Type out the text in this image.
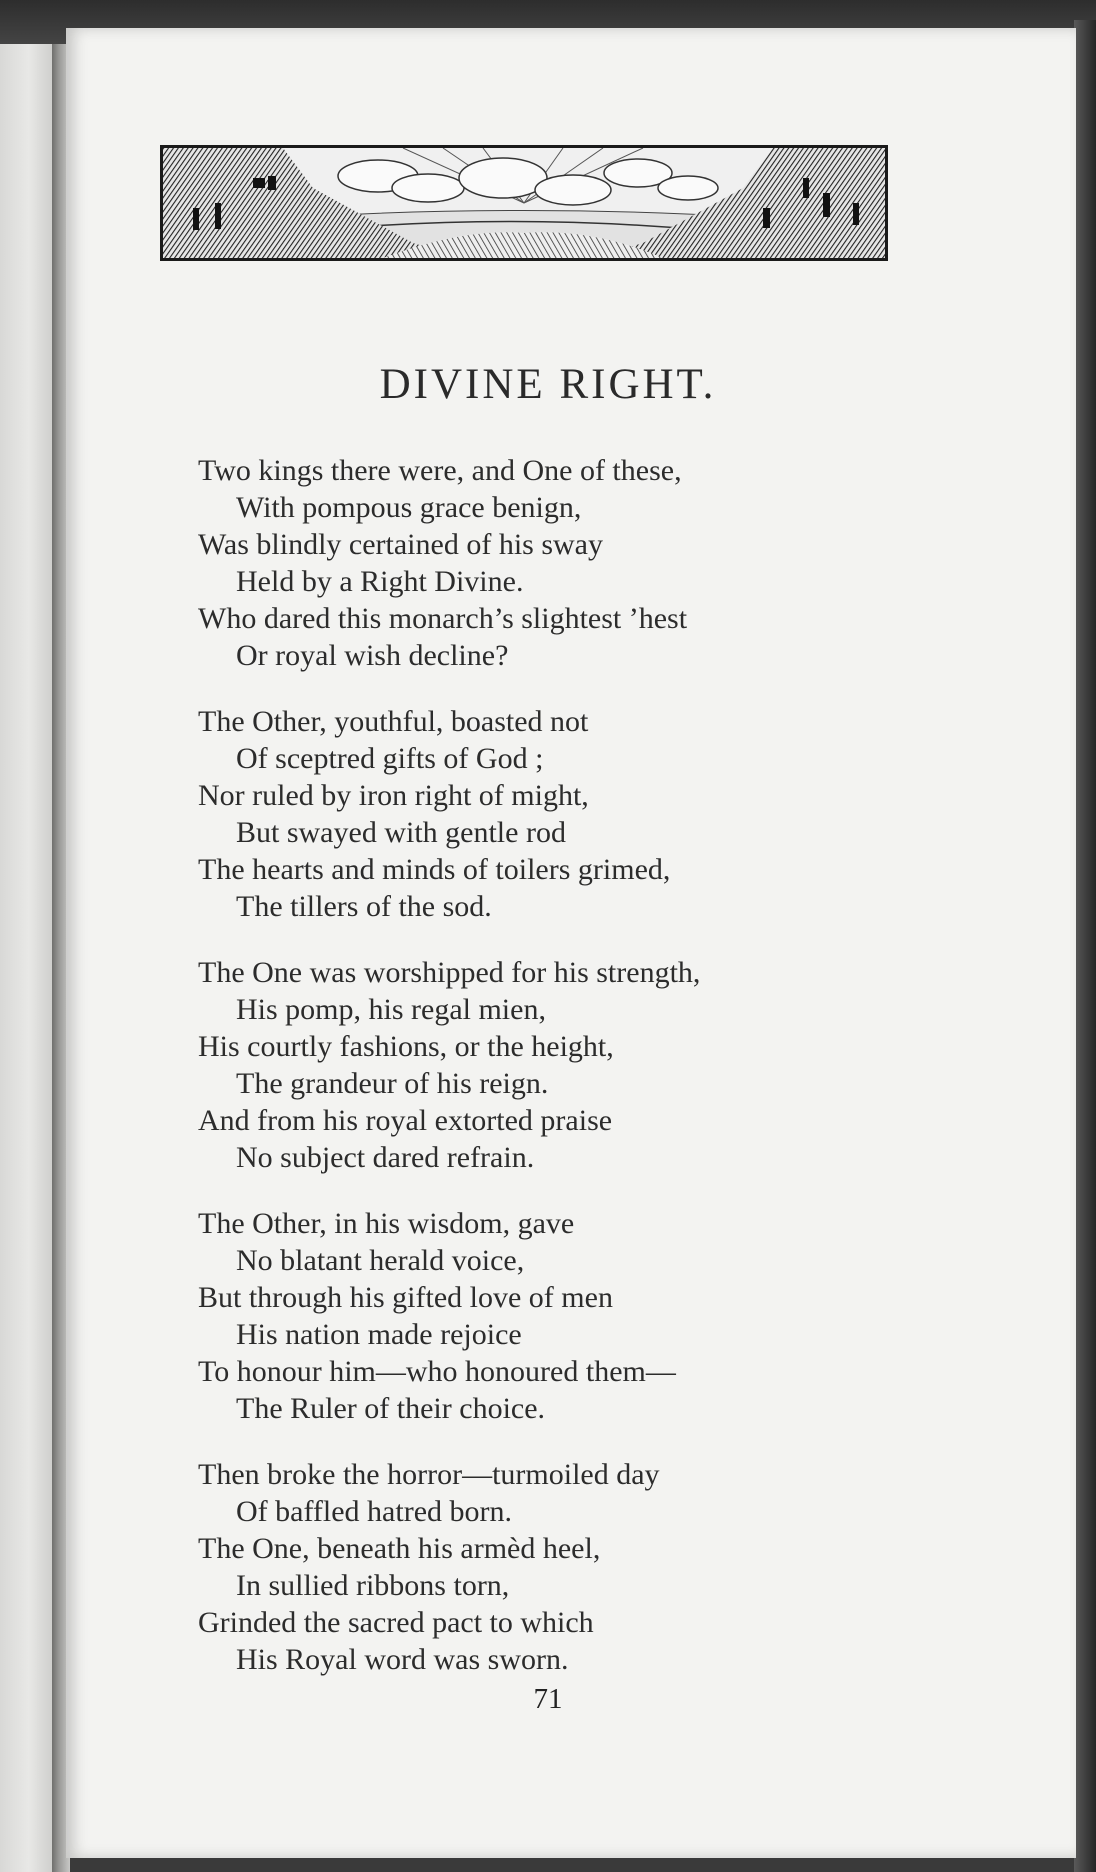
DIVINE RIGHT.
Two kings there were, and One of these,
With pompous grace benign,
Was blindly certained of his sway
Held by a Right Divine.
Who dared this monarch’s slightest ’hest
Or royal wish decline?
The Other, youthful, boasted not
Of sceptred gifts of God ;
Nor ruled by iron right of might,
But swayed with gentle rod
The hearts and minds of toilers grimed,
The tillers of the sod.
The One was worshipped for his strength,
His pomp, his regal mien,
His courtly fashions, or the height,
The grandeur of his reign.
And from his royal extorted praise
No subject dared refrain.
The Other, in his wisdom, gave
No blatant herald voice,
But through his gifted love of men
His nation made rejoice
To honour him—who honoured them—
The Ruler of their choice.
Then broke the horror—turmoiled day
Of baffled hatred born.
The One, beneath his armèd heel,
In sullied ribbons torn,
Grinded the sacred pact to which
His Royal word was sworn.
71
